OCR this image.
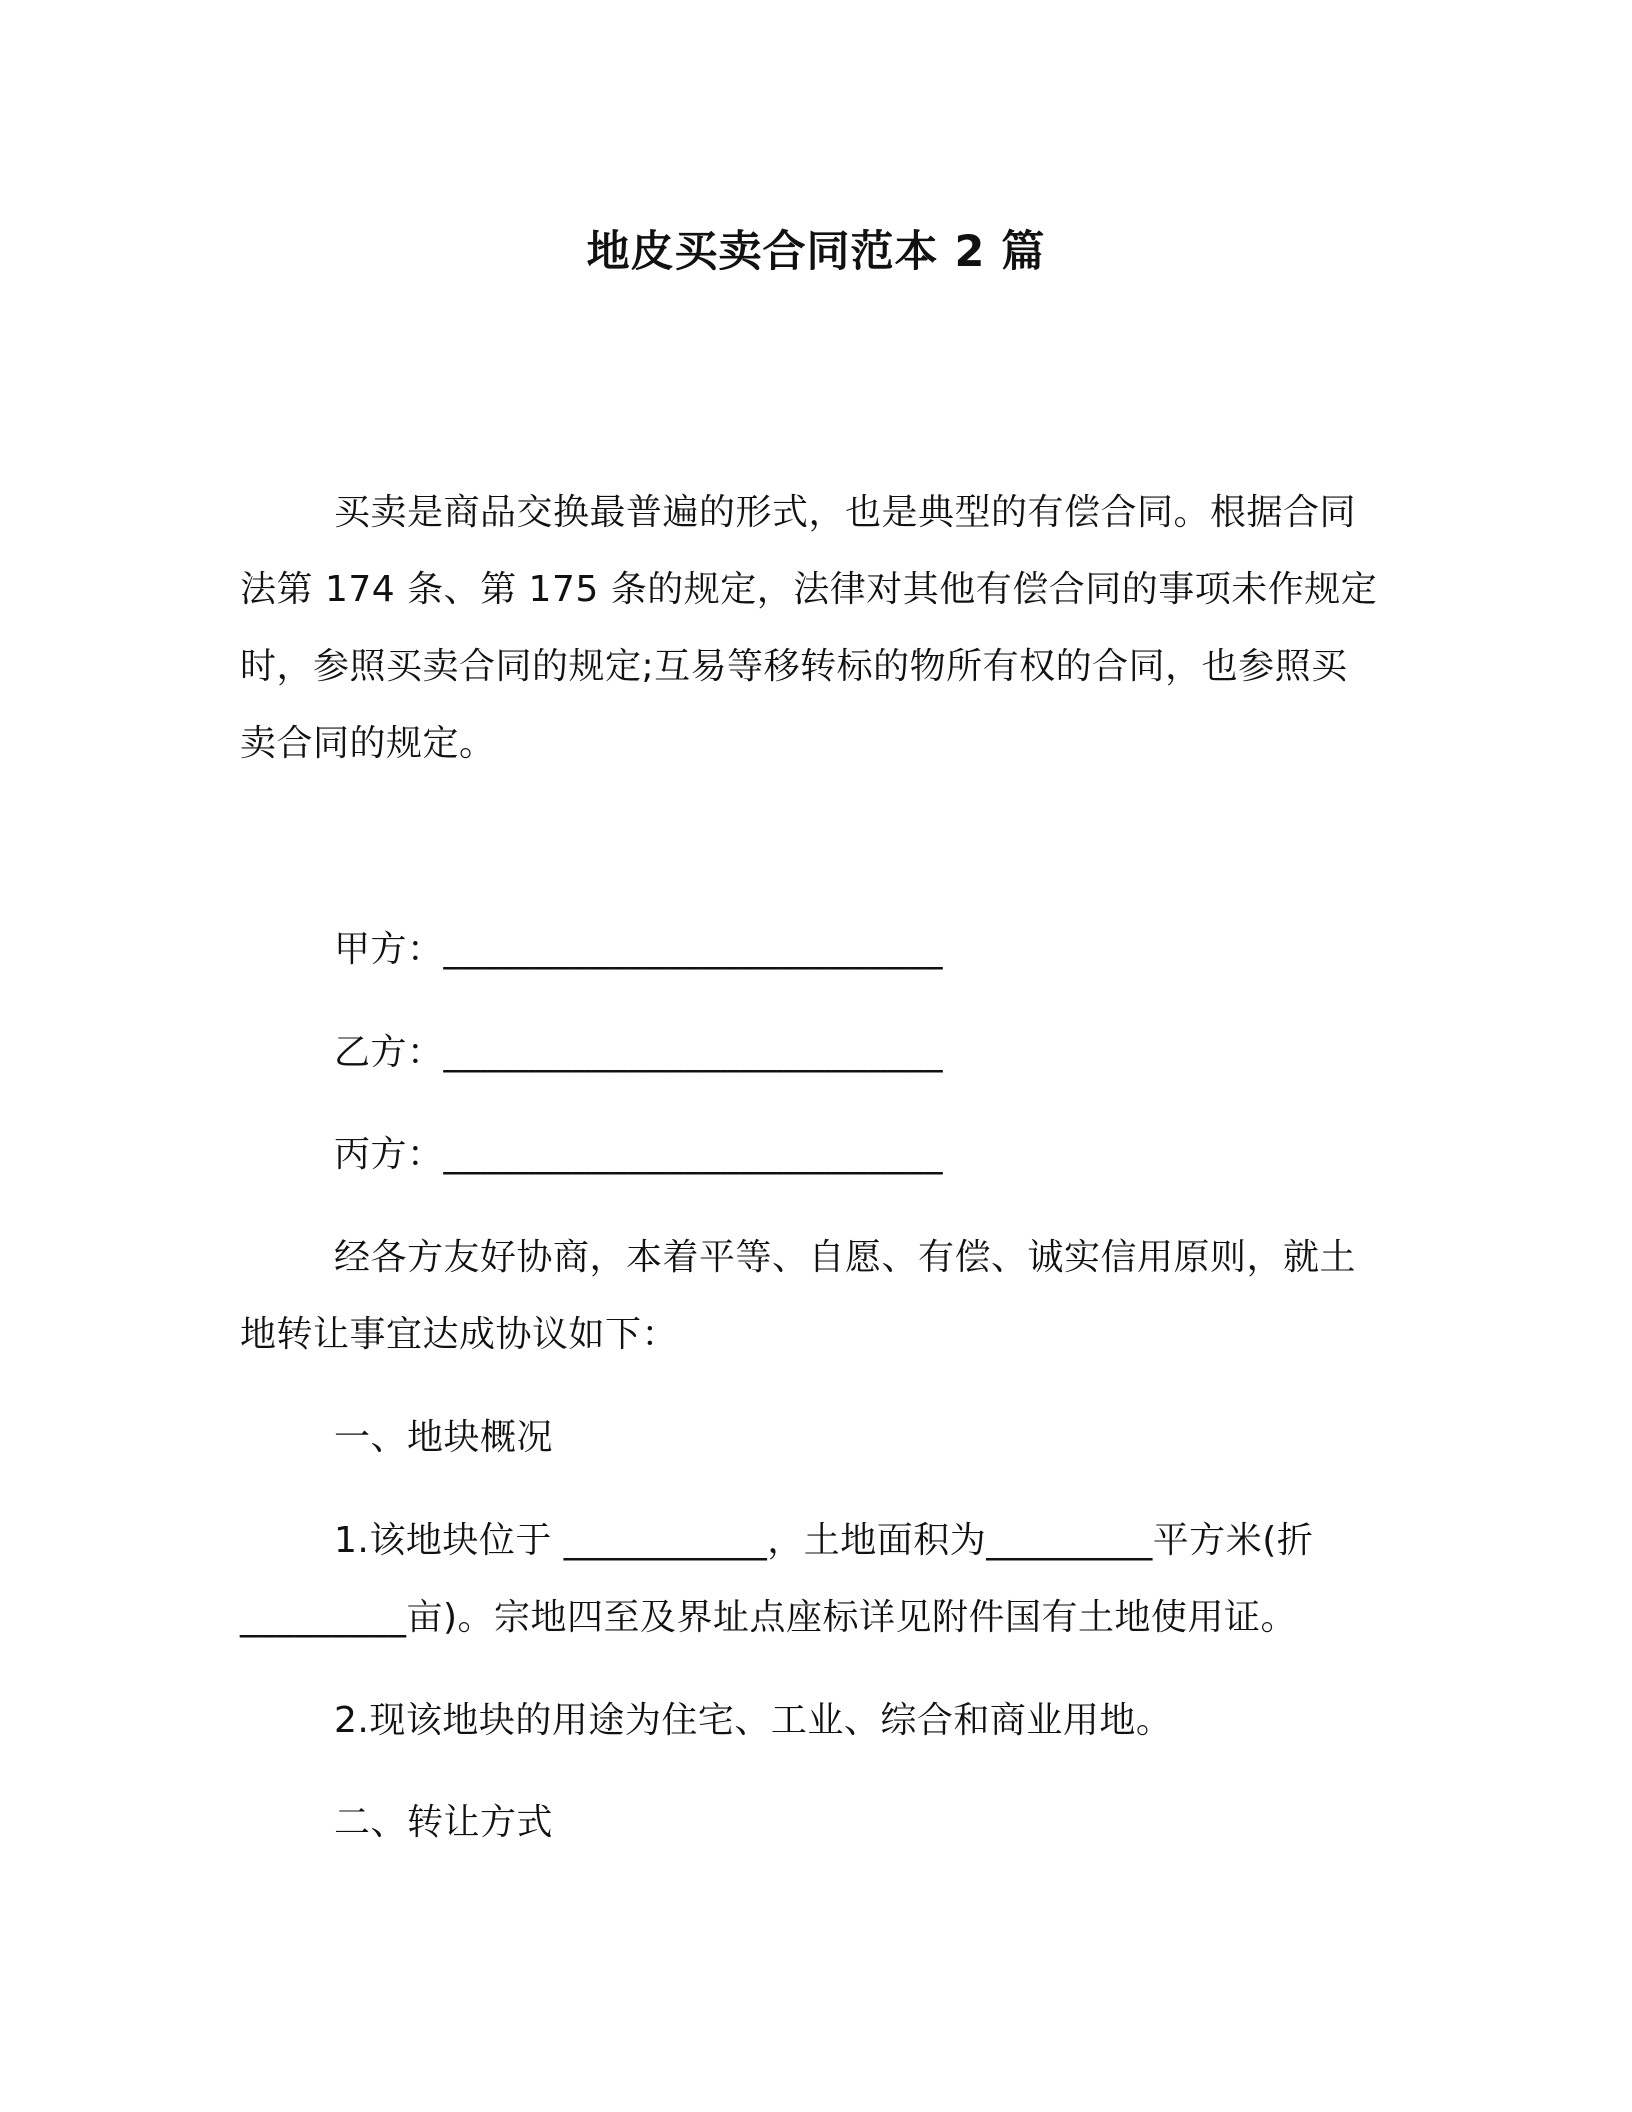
地皮买卖合同范本 2 篇
买卖是商品交换最普遍的形式，也是典型的有偿合同。根据合同
法第 174 条、第 175 条的规定，法律对其他有偿合同的事项未作规定
时，参照买卖合同的规定;互易等移转标的物所有权的合同，也参照买
卖合同的规定。
甲方：___________________________
乙方：___________________________
丙方：___________________________
经各方友好协商，本着平等、自愿、有偿、诚实信用原则，就土
地转让事宜达成协议如下：
一、地块概况
1.该地块位于 ___________，土地面积为_________平方米(折
_________亩)。宗地四至及界址点座标详见附件国有土地使用证。
2.现该地块的用途为住宅、工业、综合和商业用地。
二、转让方式
